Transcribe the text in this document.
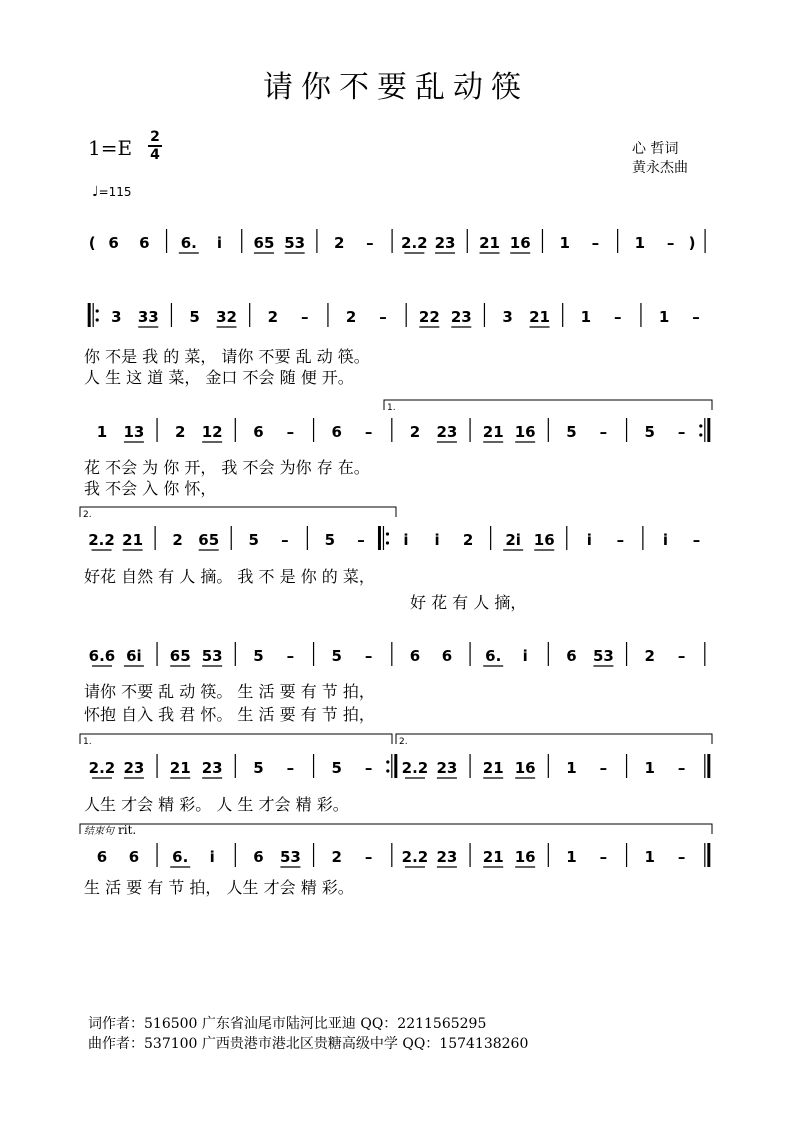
请你不要乱动筷
1=E 2
4	心 哲词
黄永杰曲
♩=115
( 6 6 6. i 65 53 2 – 2.2 23 21 16 1 – 1 – )
3 33 5 32 2 – 2 – 22 23 3 21 1 – 1 –
1 13 2 12 6 – 6 – 2 23 21 16 5 – 5 –
2.2 21 2 65 5 – 5 –	i i 2 2i 16 i –	i –
6.6 6i 65 53 5 – 5 – 6 6 6. i	6 53 2 –
2.2 23 21 23 5 – 5 – 2.2 23 21 16 1 – 1 –
6 6 6. i	6 53 2 – 2.2 23 21 16 1 – 1 –
1.
2.
1.	2.
结束句 rit.
你 不是 我 的 菜， 请你 不要 乱 动 筷。
人 生 这 道 菜， 金口 不会 随 便 开。
花 不会 为 你 开， 我 不会 为你 存 在。
我 不会 入 你 怀，
好花 自然 有 人 摘。 我 不 是 你 的 菜，
好 花 有 人 摘，
请你 不要 乱 动 筷。 生 活 要 有 节 拍，
怀抱 自入 我 君 怀。 生 活 要 有 节 拍，
人生 才会 精 彩。 人 生 才会 精 彩。
生 活 要 有 节 拍， 人生 才会 精 彩。
词作者：516500 广东省汕尾市陆河比亚迪 QQ：2211565295
曲作者：537100 广西贵港市港北区贵糖高级中学 QQ：1574138260
